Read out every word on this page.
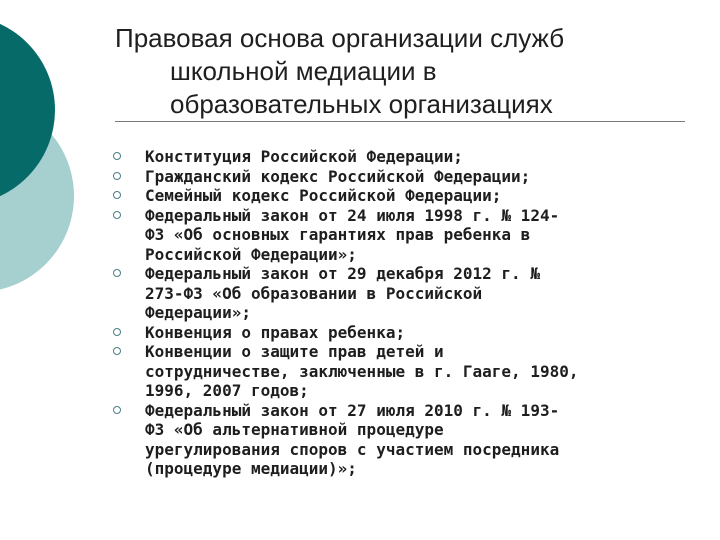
Правовая основа организации служб
школьной медиации в
образовательных организациях
Конституция Российской Федерации;
Гражданский кодекс Российской Федерации;
Семейный кодекс Российской Федерации;
Федеральный закон от 24 июля 1998 г. № 124-
ФЗ «Об основных гарантиях прав ребенка в
Российской Федерации»;
Федеральный закон от 29 декабря 2012 г. №
273-ФЗ «Об образовании в Российской
Федерации»;
Конвенция о правах ребенка;
Конвенции о защите прав детей и
сотрудничестве, заключенные в г. Гааге, 1980,
1996, 2007 годов;
Федеральный закон от 27 июля 2010 г. № 193-
ФЗ «Об альтернативной процедуре
урегулирования споров с участием посредника
(процедуре медиации)»;
